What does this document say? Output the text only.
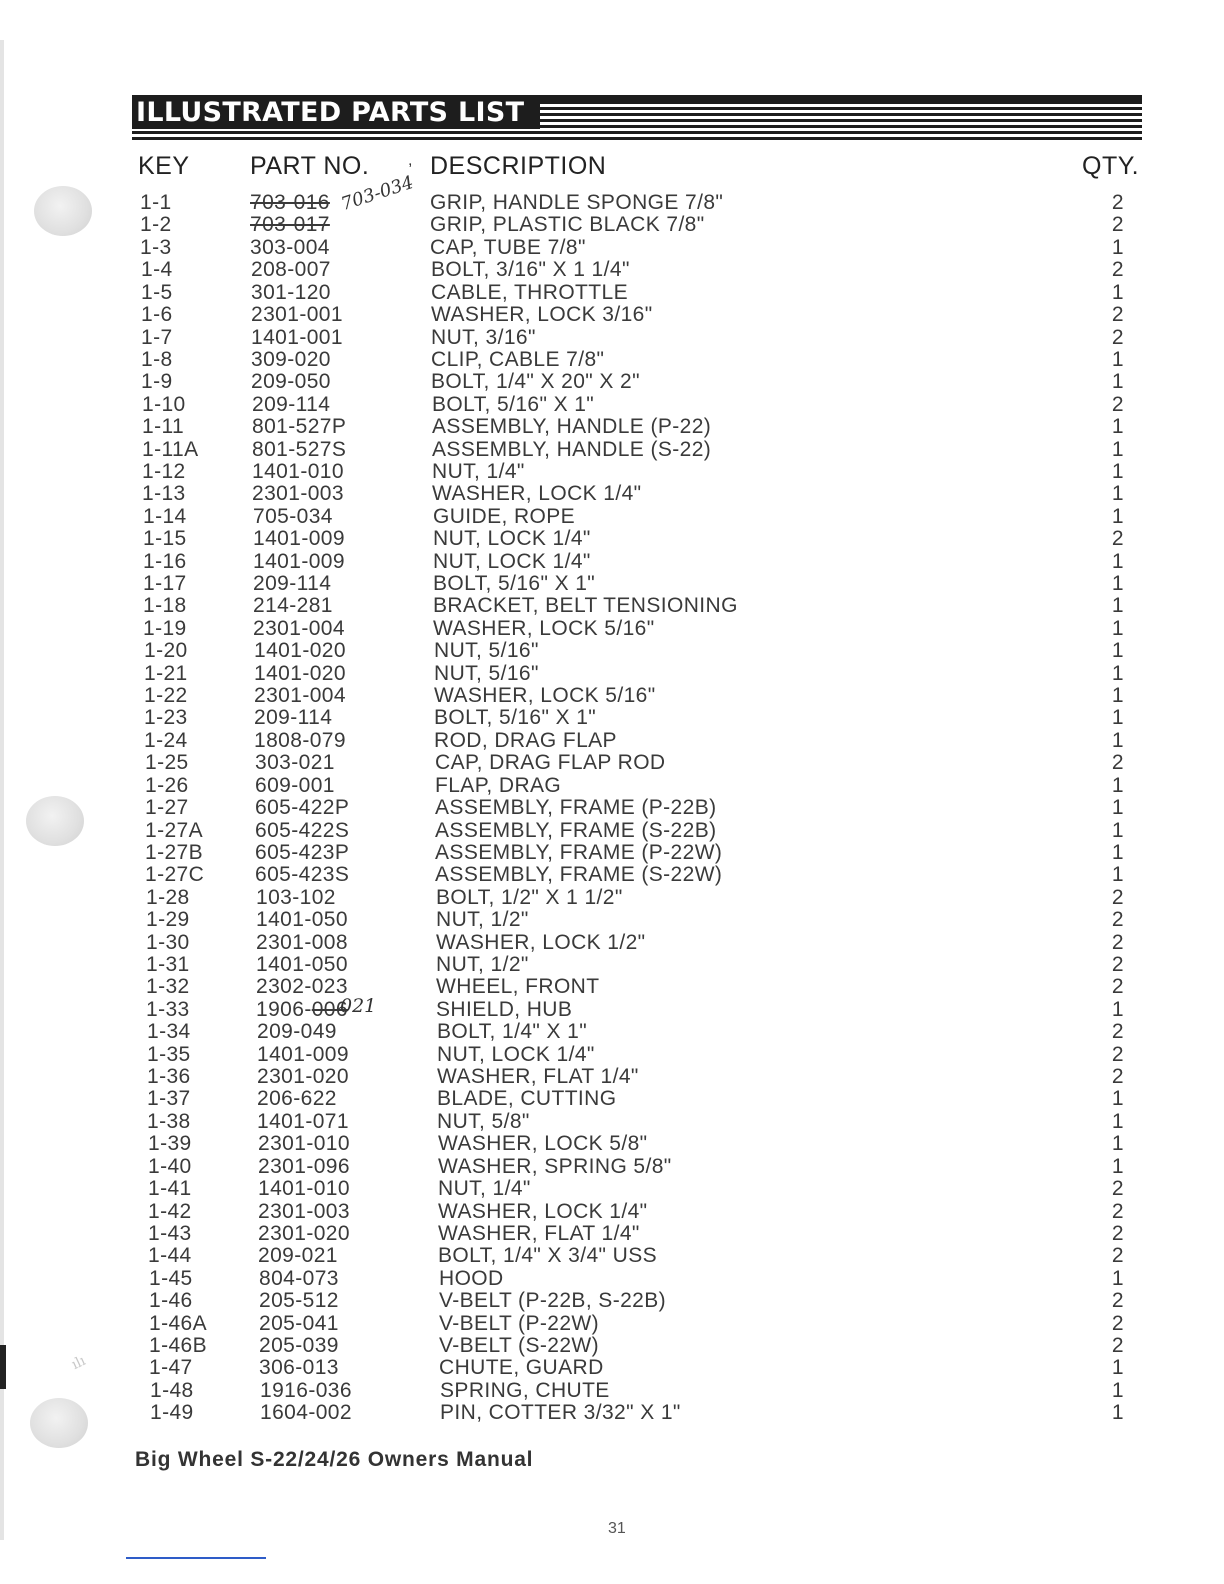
ılı
ILLUSTRATED PARTS LIST
KEY PART NO. , DESCRIPTION	QTY.
1-1	703-016	GRIP, HANDLE SPONGE 7/8"	2
1-2	703-017	GRIP, PLASTIC BLACK 7/8"	2
1-3	303-004	CAP, TUBE 7/8"	1
1-4	208-007	BOLT, 3/16" X 1 1/4"	2
1-5	301-120	CABLE, THROTTLE	1
1-6	2301-001	WASHER, LOCK 3/16"	2
1-7	1401-001	NUT, 3/16"	2
1-8	309-020	CLIP, CABLE 7/8"	1
1-9	209-050	BOLT, 1/4" X 20" X 2"	1
1-10	209-114	BOLT, 5/16" X 1"	2
1-11	801-527P	ASSEMBLY, HANDLE (P-22)	1
1-11A	801-527S	ASSEMBLY, HANDLE (S-22)	1
1-12	1401-010	NUT, 1/4"	1
1-13	2301-003	WASHER, LOCK 1/4"	1
1-14	705-034	GUIDE, ROPE	1
1-15	1401-009	NUT, LOCK 1/4"	2
1-16	1401-009	NUT, LOCK 1/4"	1
1-17	209-114	BOLT, 5/16" X 1"	1
1-18	214-281	BRACKET, BELT TENSIONING	1
1-19	2301-004	WASHER, LOCK 5/16"	1
1-20	1401-020	NUT, 5/16"	1
1-21	1401-020	NUT, 5/16"	1
1-22	2301-004	WASHER, LOCK 5/16"	1
1-23	209-114	BOLT, 5/16" X 1"	1
1-24	1808-079	ROD, DRAG FLAP	1
1-25	303-021	CAP, DRAG FLAP ROD	2
1-26	609-001	FLAP, DRAG	1
1-27	605-422P	ASSEMBLY, FRAME (P-22B)	1
1-27A 605-422S	ASSEMBLY, FRAME (S-22B)	1
1-27B 605-423P	ASSEMBLY, FRAME (P-22W)	1
1-27C 605-423S	ASSEMBLY, FRAME (S-22W)	1
1-28	103-102	BOLT, 1/2" X 1 1/2"	2
1-29	1401-050	NUT, 1/2"	2
1-30	2301-008	WASHER, LOCK 1/2"	2
1-31	1401-050	NUT, 1/2"	2
1-32	2302-023	WHEEL, FRONT	2
1-33	1906-006	SHIELD, HUB	1
1-34	209-049	BOLT, 1/4" X 1"	2
1-35	1401-009	NUT, LOCK 1/4"	2
1-36	2301-020	WASHER, FLAT 1/4"	2
1-37	206-622	BLADE, CUTTING	1
1-38	1401-071	NUT, 5/8"	1
1-39	2301-010	WASHER, LOCK 5/8"	1
1-40	2301-096	WASHER, SPRING 5/8"	1
1-41	1401-010	NUT, 1/4"	2
1-42	2301-003	WASHER, LOCK 1/4"	2
1-43	2301-020	WASHER, FLAT 1/4"	2
1-44	209-021	BOLT, 1/4" X 3/4" USS	2
1-45	804-073	HOOD	1
1-46	205-512	V-BELT (P-22B, S-22B)	2
1-46A 205-041	V-BELT (P-22W)	2
1-46B 205-039	V-BELT (S-22W)	2
1-47	306-013	CHUTE, GUARD	1
1-48	1916-036	SPRING, CHUTE	1
1-49	1604-002	PIN, COTTER 3/32" X 1"	1
703-034
021
Big Wheel S-22/24/26 Owners Manual
31
